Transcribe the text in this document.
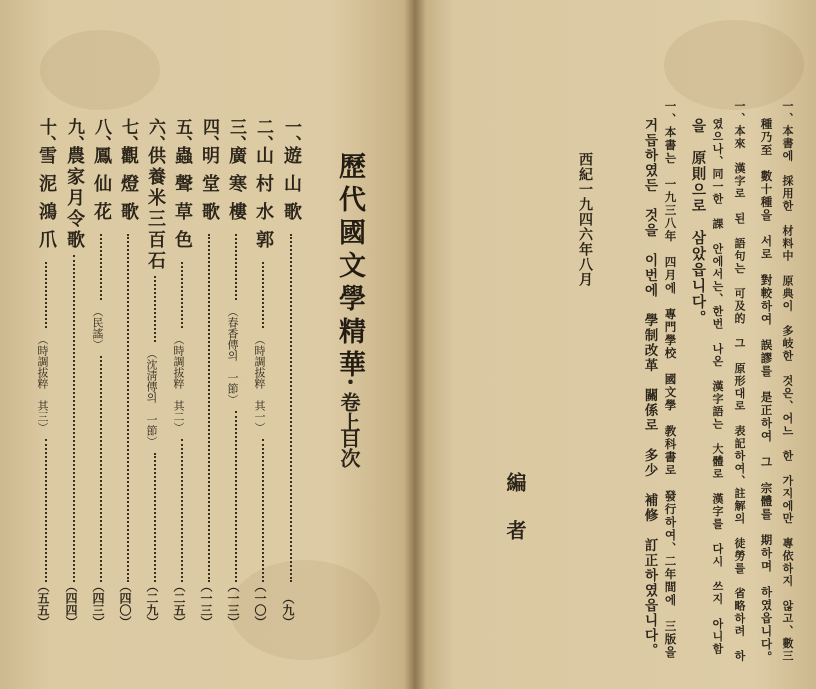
歷代國文學精華
・卷上
目次
一、
遊山歌
（九）
二、
山村水郭
（時調拔粹　其一）
（一〇）
三、
廣寒樓
（春香傳의　一節）
（一三）
四、
明堂歌
（一三）
五、
蟲聲草色
（時調拔粹　其二）
（二五）
六、
供養米三百石
（沈淸傳의　一節）
（二九）
七、
觀燈歌
（四〇）
八、
鳳仙花
（民謠）
（四三）
九、
農家月令歌
（四四）
十、
雪泥鴻爪
（時調拔粹　其三）
（五五）	一、本書에　採用한　材料中　原典이　多岐한　것은、어느　한　가지에만　專依하지　않고、數三
種乃至　數十種을　서로　對較하여　誤謬를　是正하여　그　宗體를　期하며　하였읍니다。
一、本來　漢字로　된　語句는　可及的　그　原形대로　表記하여、註解의　徒勞를　省略하려　하
였으나、同一한　課　안에서는、한번　나온　漢字語는　大體로　漢字를　다시　쓰지　아니함
을　原則으로　삼았읍니다。
一、本書는　一九三八年　四月에　專門學校　國文學　教科書로　發行하여、二年間에　三版을
거듭하였든　것을　이번에　學制改革　關係로　多少　補修　訂正하였읍니다。
西紀一九四六年八月
編者
